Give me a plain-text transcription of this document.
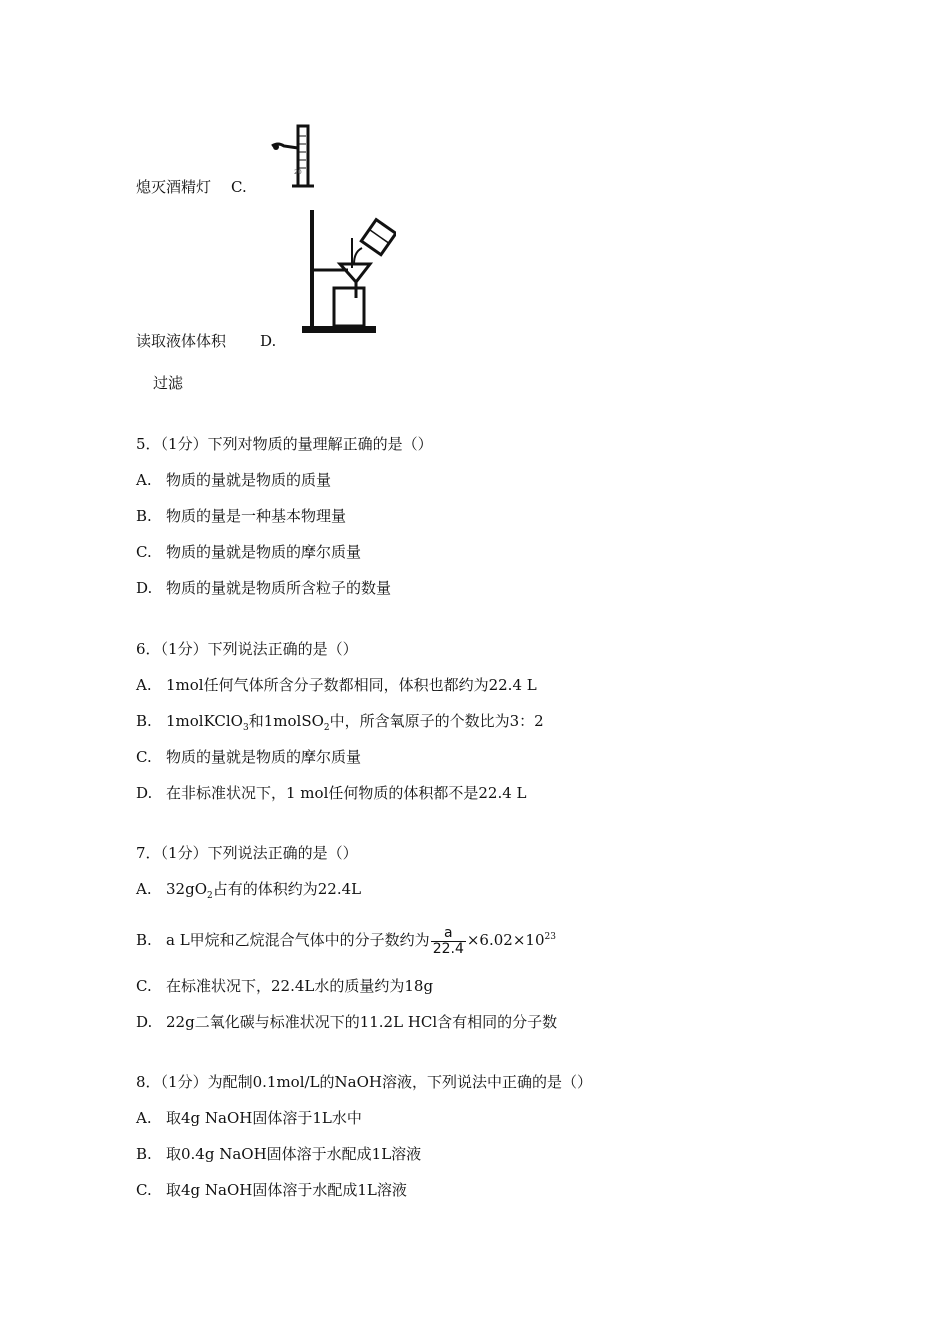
熄灭酒精灯 C.
20
读取液体体积 D.
过滤
5．（1分）下列对物质的量理解正确的是（）
A. 物质的量就是物质的质量
B. 物质的量是一种基本物理量
C. 物质的量就是物质的摩尔质量
D. 物质的量就是物质所含粒子的数量
6．（1分）下列说法正确的是（）
A. 1mol任何气体所含分子数都相同，体积也都约为22.4 L
B. 1molKClO$_3$和1molSO$_2$中，所含氧原子的个数比为3：2
C. 物质的量就是物质的摩尔质量
D. 在非标准状况下，1 mol任何物质的体积都不是22.4 L
7．（1分）下列说法正确的是（）
A. $32gO_2$占有的体积约为22.4L
B. a L甲烷和乙烷混合气体中的分子数约为 $\frac{a}{22.4} \times 6.02\times 10^{23}$
C. 在标准状况下，22.4L水的质量约为18g
D. 22g二氧化碳与标准状况下的11.2L HCl含有相同的分子数
8．（1分）为配制0.1mol/L的NaOH溶液，下列说法中正确的是（）
A. 取4g NaOH固体溶于1L水中
B. 取0.4g NaOH固体溶于水配成1L溶液
C. 取4g NaOH固体溶于水配成1L溶液
